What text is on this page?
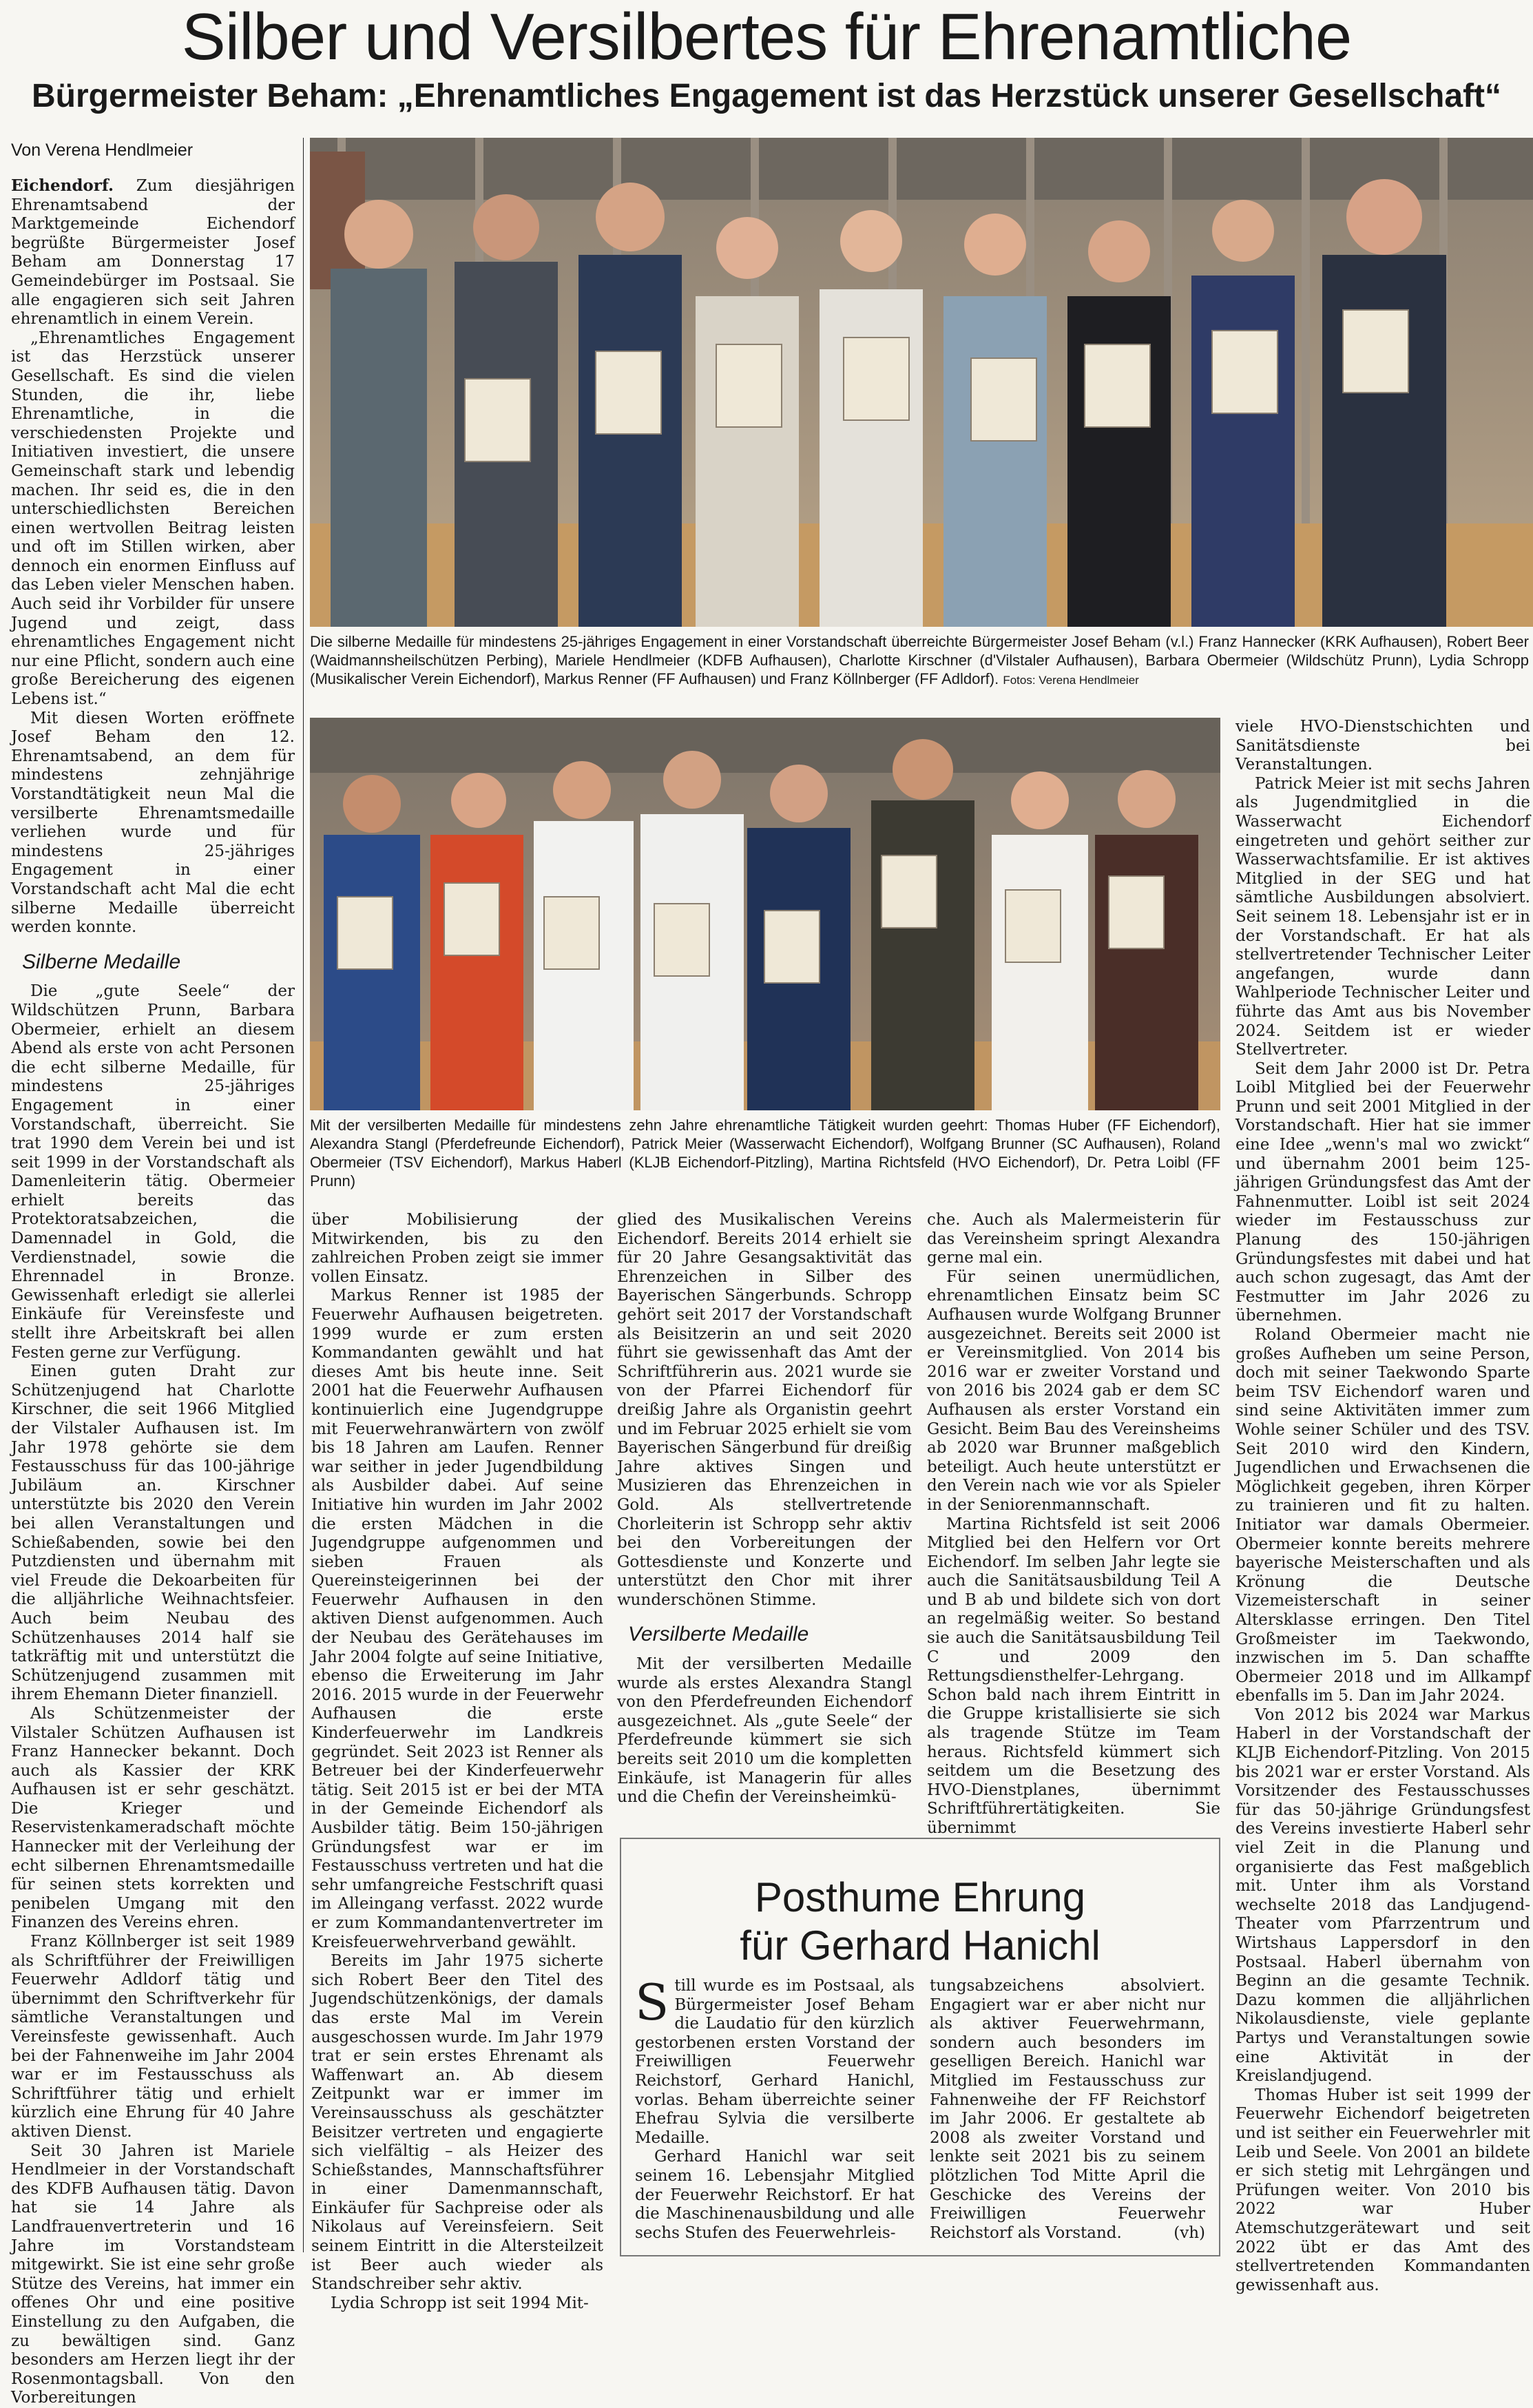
Silber und Versilbertes für Ehrenamtliche
Bürgermeister Beham: „Ehrenamtliches Engagement ist das Herzstück unserer Gesellschaft“
Von Verena Hendlmeier

Eichendorf. Zum diesjährigen Ehrenamtsabend der Marktgemeinde Eichendorf begrüßte Bürgermeister Josef Beham am Donnerstag 17 Gemeindebürger im Postsaal. Sie alle engagieren sich seit Jahren ehrenamtlich in einem Verein.

„Ehrenamtliches Engagement ist das Herzstück unserer Gesellschaft. Es sind die vielen Stunden, die ihr, liebe Ehrenamtliche, in die verschiedensten Projekte und Initiativen investiert, die unsere Gemeinschaft stark und lebendig machen. Ihr seid es, die in den unterschiedlichsten Bereichen einen wertvollen Beitrag leisten und oft im Stillen wirken, aber dennoch ein enormen Einfluss auf das Leben vieler Menschen haben. Auch seid ihr Vorbilder für unsere Jugend und zeigt, dass ehrenamtliches Engagement nicht nur eine Pflicht, sondern auch eine große Bereicherung des eigenen Lebens ist.“

Mit diesen Worten eröffnete Josef Beham den 12. Ehrenamtsabend, an dem für mindestens zehnjährige Vorstandtätigkeit neun Mal die versilberte Ehrenamtsmedaille verliehen wurde und für mindestens 25-jähriges Engagement in einer Vorstandschaft acht Mal die echt silberne Medaille überreicht werden konnte.

Silberne Medaille

Die „gute Seele“ der Wildschützen Prunn, Barbara Obermeier, erhielt an diesem Abend als erste von acht Personen die echt silberne Medaille, für mindestens 25-jähriges Engagement in einer Vorstandschaft, überreicht. Sie trat 1990 dem Verein bei und ist seit 1999 in der Vorstandschaft als Damenleiterin tätig. Obermeier erhielt bereits das Protektoratsabzeichen, die Damennadel in Gold, die Verdienstnadel, sowie die Ehrennadel in Bronze. Gewissenhaft erledigt sie allerlei Einkäufe für Vereinsfeste und stellt ihre Arbeitskraft bei allen Festen gerne zur Verfügung.

Einen guten Draht zur Schützenjugend hat Charlotte Kirschner, die seit 1966 Mitglied der Vilstaler Aufhausen ist. Im Jahr 1978 gehörte sie dem Festausschuss für das 100-jährige Jubiläum an. Kirschner unterstützte bis 2020 den Verein bei allen Veranstaltungen und Schießabenden, sowie bei den Putzdiensten und übernahm mit viel Freude die Dekoarbeiten für die alljährliche Weihnachtsfeier. Auch beim Neubau des Schützenhauses 2014 half sie tatkräftig mit und unterstützt die Schützenjugend zusammen mit ihrem Ehemann Dieter finanziell.

Als Schützenmeister der Vilstaler Schützen Aufhausen ist Franz Hannecker bekannt. Doch auch als Kassier der KRK Aufhausen ist er sehr geschätzt. Die Krieger und Reservistenkameradschaft möchte Hannecker mit der Verleihung der echt silbernen Ehrenamtsmedaille für seinen stets korrekten und penibelen Umgang mit den Finanzen des Vereins ehren.

Franz Köllnberger ist seit 1989 als Schriftführer der Freiwilligen Feuerwehr Adldorf tätig und übernimmt den Schriftverkehr für sämtliche Veranstaltungen und Vereinsfeste gewissenhaft. Auch bei der Fahnenweihe im Jahr 2004 war er im Festausschuss als Schriftführer tätig und erhielt kürzlich eine Ehrung für 40 Jahre aktiven Dienst.

Seit 30 Jahren ist Mariele Hendlmeier in der Vorstandschaft des KDFB Aufhausen tätig. Davon hat sie 14 Jahre als Landfrauenvertreterin und 16 Jahre im Vorstandsteam mitgewirkt. Sie ist eine sehr große Stütze des Vereins, hat immer ein offenes Ohr und eine positive Einstellung zu den Aufgaben, die zu bewältigen sind. Ganz besonders am Herzen liegt ihr der Rosenmontagsball. Von den Vorbereitungen

Die silberne Medaille für mindestens 25-jähriges Engagement in einer Vorstandschaft überreichte Bürgermeister Josef Beham (v.l.) Franz Hannecker (KRK Aufhausen), Robert Beer (Waidmannsheilschützen Perbing), Mariele Hendlmeier (KDFB Aufhausen), Charlotte Kirschner (d'Vilstaler Aufhausen), Barbara Obermeier (Wildschütz Prunn), Lydia Schropp (Musikalischer Verein Eichendorf), Markus Renner (FF Aufhausen) und Franz Köllnberger (FF Adldorf). Fotos: Verena Hendlmeier

Mit der versilberten Medaille für mindestens zehn Jahre ehrenamtliche Tätigkeit wurden geehrt: Thomas Huber (FF Eichendorf), Alexandra Stangl (Pferdefreunde Eichendorf), Patrick Meier (Wasserwacht Eichendorf), Wolfgang Brunner (SC Aufhausen), Roland Obermeier (TSV Eichendorf), Markus Haberl (KLJB Eichendorf-Pitzling), Martina Richtsfeld (HVO Eichendorf), Dr. Petra Loibl (FF Prunn)

über Mobilisierung der Mitwirkenden, bis zu den zahlreichen Proben zeigt sie immer vollen Einsatz.

Markus Renner ist 1985 der Feuerwehr Aufhausen beigetreten. 1999 wurde er zum ersten Kommandanten gewählt und hat dieses Amt bis heute inne. Seit 2001 hat die Feuerwehr Aufhausen kontinuierlich eine Jugendgruppe mit Feuerwehranwärtern von zwölf bis 18 Jahren am Laufen. Renner war seither in jeder Jugendbildung als Ausbilder dabei. Auf seine Initiative hin wurden im Jahr 2002 die ersten Mädchen in die Jugendgruppe aufgenommen und sieben Frauen als Quereinsteigerinnen bei der Feuerwehr Aufhausen in den aktiven Dienst aufgenommen. Auch der Neubau des Gerätehauses im Jahr 2004 folgte auf seine Initiative, ebenso die Erweiterung im Jahr 2016. 2015 wurde in der Feuerwehr Aufhausen die erste Kinderfeuerwehr im Landkreis gegründet. Seit 2023 ist Renner als Betreuer bei der Kinderfeuerwehr tätig. Seit 2015 ist er bei der MTA in der Gemeinde Eichendorf als Ausbilder tätig. Beim 150-jährigen Gründungsfest war er im Festausschuss vertreten und hat die sehr umfangreiche Festschrift quasi im Alleingang verfasst. 2022 wurde er zum Kommandantenvertreter im Kreisfeuerwehrverband gewählt.

Bereits im Jahr 1975 sicherte sich Robert Beer den Titel des Jugendschützenkönigs, der damals das erste Mal im Verein ausgeschossen wurde. Im Jahr 1979 trat er sein erstes Ehrenamt als Waffenwart an. Ab diesem Zeitpunkt war er immer im Vereinsausschuss als geschätzter Beisitzer vertreten und engagierte sich vielfältig – als Heizer des Schießstandes, Mannschaftsführer in einer Damenmannschaft, Einkäufer für Sachpreise oder als Nikolaus auf Vereinsfeiern. Seit seinem Eintritt in die Altersteilzeit ist Beer auch wieder als Standschreiber sehr aktiv.

Lydia Schropp ist seit 1994 Mit-

glied des Musikalischen Vereins Eichendorf. Bereits 2014 erhielt sie für 20 Jahre Gesangsaktivität das Ehrenzeichen in Silber des Bayerischen Sängerbunds. Schropp gehört seit 2017 der Vorstandschaft als Beisitzerin an und seit 2020 führt sie gewissenhaft das Amt der Schriftführerin aus. 2021 wurde sie von der Pfarrei Eichendorf für dreißig Jahre als Organistin geehrt und im Februar 2025 erhielt sie vom Bayerischen Sängerbund für dreißig Jahre aktives Singen und Musizieren das Ehrenzeichen in Gold. Als stellvertretende Chorleiterin ist Schropp sehr aktiv bei den Vorbereitungen der Gottesdienste und Konzerte und unterstützt den Chor mit ihrer wunderschönen Stimme.

Versilberte Medaille

Mit der versilberten Medaille wurde als erstes Alexandra Stangl von den Pferdefreunden Eichendorf ausgezeichnet. Als „gute Seele“ der Pferdefreunde kümmert sie sich bereits seit 2010 um die kompletten Einkäufe, ist Managerin für alles und die Chefin der Vereinsheimkü-

che. Auch als Malermeisterin für das Vereinsheim springt Alexandra gerne mal ein.

Für seinen unermüdlichen, ehrenamtlichen Einsatz beim SC Aufhausen wurde Wolfgang Brunner ausgezeichnet. Bereits seit 2000 ist er Vereinsmitglied. Von 2014 bis 2016 war er zweiter Vorstand und von 2016 bis 2024 gab er dem SC Aufhausen als erster Vorstand ein Gesicht. Beim Bau des Vereinsheims ab 2020 war Brunner maßgeblich beteiligt. Auch heute unterstützt er den Verein nach wie vor als Spieler in der Seniorenmannschaft.

Martina Richtsfeld ist seit 2006 Mitglied bei den Helfern vor Ort Eichendorf. Im selben Jahr legte sie auch die Sanitätsausbildung Teil A und B ab und bildete sich von dort an regelmäßig weiter. So bestand sie auch die Sanitätsausbildung Teil C und 2009 den Rettungsdiensthelfer-Lehrgang. Schon bald nach ihrem Eintritt in die Gruppe kristallisierte sie sich als tragende Stütze im Team heraus. Richtsfeld kümmert sich seitdem um die Besetzung des HVO-Dienstplanes, übernimmt Schriftführertätigkeiten. Sie übernimmt

viele HVO-Dienstschichten und Sanitätsdienste bei Veranstaltungen.

Patrick Meier ist mit sechs Jahren als Jugendmitglied in die Wasserwacht Eichendorf eingetreten und gehört seither zur Wasserwachtsfamilie. Er ist aktives Mitglied in der SEG und hat sämtliche Ausbildungen absolviert. Seit seinem 18. Lebensjahr ist er in der Vorstandschaft. Er hat als stellvertretender Technischer Leiter angefangen, wurde dann Wahlperiode Technischer Leiter und führte das Amt aus bis November 2024. Seitdem ist er wieder Stellvertreter.

Seit dem Jahr 2000 ist Dr. Petra Loibl Mitglied bei der Feuerwehr Prunn und seit 2001 Mitglied in der Vorstandschaft. Hier hat sie immer eine Idee „wenn's mal wo zwickt“ und übernahm 2001 beim 125-jährigen Gründungsfest das Amt der Fahnenmutter. Loibl ist seit 2024 wieder im Festausschuss zur Planung des 150-jährigen Gründungsfestes mit dabei und hat auch schon zugesagt, das Amt der Festmutter im Jahr 2026 zu übernehmen.

Roland Obermeier macht nie großes Aufheben um seine Person, doch mit seiner Taekwondo Sparte beim TSV Eichendorf waren und sind seine Aktivitäten immer zum Wohle seiner Schüler und des TSV. Seit 2010 wird den Kindern, Jugendlichen und Erwachsenen die Möglichkeit gegeben, ihren Körper zu trainieren und fit zu halten. Initiator war damals Obermeier. Obermeier konnte bereits mehrere bayerische Meisterschaften und als Krönung die Deutsche Vizemeisterschaft in seiner Altersklasse erringen. Den Titel Großmeister im Taekwondo, inzwischen im 5. Dan schaffte Obermeier 2018 und im Allkampf ebenfalls im 5. Dan im Jahr 2024.

Von 2012 bis 2024 war Markus Haberl in der Vorstandschaft der KLJB Eichendorf-Pitzling. Von 2015 bis 2021 war er erster Vorstand. Als Vorsitzender des Festausschusses für das 50-jährige Gründungsfest des Vereins investierte Haberl sehr viel Zeit in die Planung und organisierte das Fest maßgeblich mit. Unter ihm als Vorstand wechselte 2018 das Landjugend-Theater vom Pfarrzentrum und Wirtshaus Lappersdorf in den Postsaal. Haberl übernahm von Beginn an die gesamte Technik. Dazu kommen die alljährlichen Nikolausdienste, viele geplante Partys und Veranstaltungen sowie eine Aktivität in der Kreislandjugend.

Thomas Huber ist seit 1999 der Feuerwehr Eichendorf beigetreten und ist seither ein Feuerwehrler mit Leib und Seele. Von 2001 an bildete er sich stetig mit Lehrgängen und Prüfungen weiter. Von 2010 bis 2022 war Huber Atemschutzgerätewart und seit 2022 übt er das Amt des stellvertretenden Kommandanten gewissenhaft aus.

Posthume Ehrung
für Gerhard Hanichl

Still wurde es im Postsaal, als Bürgermeister Josef Beham die Laudatio für den kürzlich gestorbenen ersten Vorstand der Freiwilligen Feuerwehr Reichstorf, Gerhard Hanichl, vorlas. Beham überreichte seiner Ehefrau Sylvia die versilberte Medaille.

Gerhard Hanichl war seit seinem 16. Lebensjahr Mitglied der Feuerwehr Reichstorf. Er hat die Maschinenausbildung und alle sechs Stufen des Feuerwehrleis-

tungsabzeichens absolviert. Engagiert war er aber nicht nur als aktiver Feuerwehrmann, sondern auch besonders im geselligen Bereich. Hanichl war Mitglied im Festausschuss zur Fahnenweihe der FF Reichstorf im Jahr 2006. Er gestaltete ab 2008 als zweiter Vorstand und lenkte seit 2021 bis zu seinem plötzlichen Tod Mitte April die Geschicke des Vereins der Freiwilligen Feuerwehr Reichstorf als Vorstand.	(vh)
